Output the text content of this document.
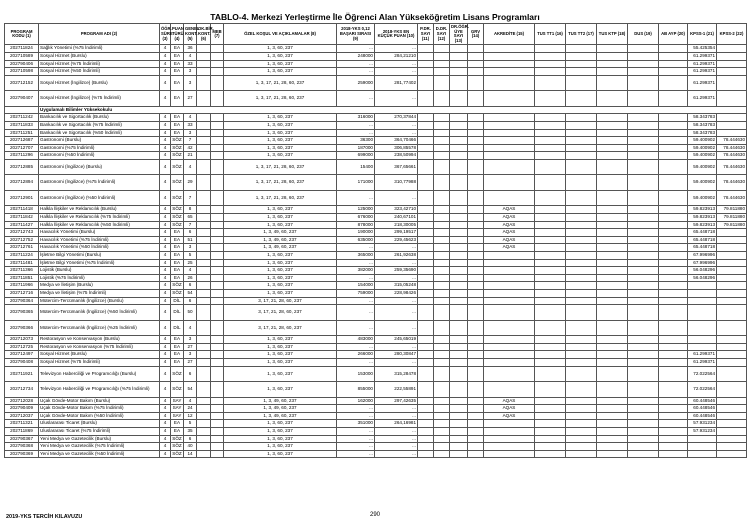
TABLO-4. Merkezi Yerleştirme İle Öğrenci Alan Yükseköğretim Lisans Programları
PROGRAM KODU (1)	PROGRAM ADI (2)	ÖĞR. SÜRE (3)	PUAN TÜRÜ (4)	GENEL KONT. (5)	OK.BİR. KONT. (6)	MEB (7)	ÖZEL KOŞUL VE AÇIKLAMALAR (8)	2018-YKS 0,12 BAŞARI SIRASI (9)	2018-YKS EN KÜÇÜK PUAN (10)	P.DR. SAYI (11)	D.DR. SAYI (12)	DR.ÖĞR. ÜYE SAYI (13)	GRV (14)	AKREDİTE (15)	TUS TT1 (16)	TUS TT2 (17)	TUS KTP (18)	DUS (19)	AB AYP (20)	KPSS-1 (21)	KPSS-2 (22)
202711824	Sağlık Yönetimi (%75 İndirimli)	4	EA	36			1, 3, 60, 237	...	...											55.425354	
202710589	Sosyal Hizmet (Burslu)	4	EA	4			1, 3, 60, 237	248000	284,21210											61.299371	
202790406	Sosyal Hizmet (%75 İndirimli)	4	EA	33			1, 3, 60, 237	...	...											61.299371	
202710598	Sosyal Hizmet (%50 İndirimli)	4	EA	3			1, 3, 60, 237	...	...											61.299371	
202712152	Sosyal Hizmet (İngilizce) (Burslu)	4	EA	3			1, 3, 17, 21, 28, 60, 237	259000	281,77402											61.299371	
202790407	Sosyal Hizmet (İngilizce) (%75 İndirimli)	4	EA	27			1, 3, 17, 21, 28, 60, 237	...	...											61.299371	
	Uygulamalı Bilimler Yüksekokulu																				
202711242	Bankacılık ve Sigortacılık (Burslu)	4	EA	4			1, 3, 60, 237	316000	270,37844											58.343783	
202711833	Bankacılık ve Sigortacılık (%75 İndirimli)	4	EA	33			1, 3, 60, 237	...	...											58.343783	
202711251	Bankacılık ve Sigortacılık (%50 İndirimli)	4	EA	3			1, 3, 60, 237	...	...											58.343783	
202712687	Gastronomi (Burslu)	4	SÖZ	7			1, 3, 60, 237	36300	364,70466											59.400902	78.444630
202712707	Gastronomi (%75 İndirimli)	4	SÖZ	42			1, 3, 60, 237	187000	306,85578											59.400902	78.444630
202711296	Gastronomi (%50 İndirimli)	4	SÖZ	21			1, 3, 60, 237	699000	238,50994											59.400902	78.444630
202712885	Gastronomi (İngilizce) (Burslu)	4	SÖZ	4			1, 3, 17, 21, 28, 60, 237	15400	367,65661											59.400902	78.444630
202712894	Gastronomi (İngilizce) (%75 İndirimli)	4	SÖZ	29			1, 3, 17, 21, 28, 60, 237	171000	310,77988											59.400902	78.444630
202712901	Gastronomi (İngilizce) (%50 İndirimli)	4	SÖZ	7			1, 3, 17, 21, 28, 60, 237	...	...											59.400902	78.444630
202711418	Halkla İlişkiler ve Reklamcılık (Burslu)	4	SÖZ	8			1, 3, 60, 237	125000	323,42710					AQAS						59.823913	79.811880
202711842	Halkla İlişkiler ve Reklamcılık (%75 İndirimli)	4	SÖZ	65			1, 3, 60, 237	676000	240,67101					AQAS						59.823913	79.811880
202711427	Halkla İlişkiler ve Reklamcılık (%50 İndirimli)	4	SÖZ	7			1, 3, 60, 237	878000	218,30005					AQAS						59.823913	79.811880
202712743	Havacılık Yönetimi (Burslu)	4	EA	6			1, 3, 49, 60, 237	190000	299,19517					AQAS						65.448718	
202712752	Havacılık Yönetimi (%75 İndirimli)	4	EA	51			1, 3, 49, 60, 237	635000	229,45623					AQAS						65.448718	
202712761	Havacılık Yönetimi (%50 İndirimli)	4	EA	3			1, 3, 49, 60, 237	...	...					AQAS						65.448718	
202711224	İşletme Bilgi Yönetimi (Burslu)	4	EA	5			1, 3, 60, 237	365000	261,92638											67.996996	
202711481	İşletme Bilgi Yönetimi (%75 İndirimli)	4	EA	25			1, 3, 60, 237	...	...											67.996996	
202711366	Lojistik (Burslu)	4	EA	4			1, 3, 60, 237	382000	259,35690											56.048296	
202711851	Lojistik (%75 İndirimli)	4	EA	26			1, 3, 60, 237	...	...											56.048296	
202711966	Medya ve İletişim (Burslu)	4	SÖZ	6			1, 3, 60, 237	154000	315,05248												
202712716	Medya ve İletişim (%75 İndirimli)	4	SÖZ	54			1, 3, 60, 237	759000	228,98426												
202790364	Mütercim-Tercümanlık (İngilizce) (Burslu)	4	DİL	6			3, 17, 21, 28, 60, 237	...	...												
202790365	Mütercim-Tercümanlık (İngilizce) (%50 İndirimli)	4	DİL	50			3, 17, 21, 28, 60, 237	...	...												
202790366	Mütercim-Tercümanlık (İngilizce) (%25 İndirimli)	4	DİL	4			3, 17, 21, 28, 60, 237	...	...												
202712073	Restorasyon ve Konservasyon (Burslu)	4	EA	3			1, 3, 60, 237	483000	245,65019												
202712725	Restorasyon ve Konservasyon (%75 İndirimli)	4	EA	27			1, 3, 60, 237	...	...												
202712497	Sosyal Hizmet (Burslu)	4	EA	3			1, 3, 60, 237	266000	280,30847											61.299371	
202790408	Sosyal Hizmet (%75 İndirimli)	4	EA	27			1, 3, 60, 237	...	...											61.299371	
202711921	Televizyon Haberciliği ve Programcılığı (Burslu)	4	SÖZ	6			1, 3, 60, 237	153000	315,28478											72.022564	
202712734	Televizyon Haberciliği ve Programcılığı (%75 İndirimli)	4	SÖZ	54			1, 3, 60, 237	855000	222,55891											72.022564	
202712028	Uçak Gövde-Motor Bakım (Burslu)	4	SAY	4			1, 3, 49, 60, 237	162000	297,42635					AQAS						60.448546	
202790409	Uçak Gövde-Motor Bakım (%75 İndirimli)	4	SAY	24			1, 3, 49, 60, 237	...	...					AQAS						60.448546	
202712037	Uçak Gövde-Motor Bakım (%50 İndirimli)	4	SAY	12			1, 3, 49, 60, 237	...	...					AQAS						60.448546	
202711321	Uluslararası Ticaret (Burslu)	4	EA	5			1, 3, 60, 237	351000	264,16981											57.931234	
202711869	Uluslararası Ticaret (%75 İndirimli)	4	EA	35			1, 3, 60, 237	...	...											57.931234	
202790367	Yeni Medya ve Gazetecilik (Burslu)	4	SÖZ	6			1, 3, 60, 237	...	...												
202790368	Yeni Medya ve Gazetecilik (%75 İndirimli)	4	SÖZ	40			1, 3, 60, 237	...	...												
202790369	Yeni Medya ve Gazetecilik (%50 İndirimli)	4	SÖZ	14			1, 3, 60, 237	...	...												
2019-YKS TERCİH KILAVUZU	290
